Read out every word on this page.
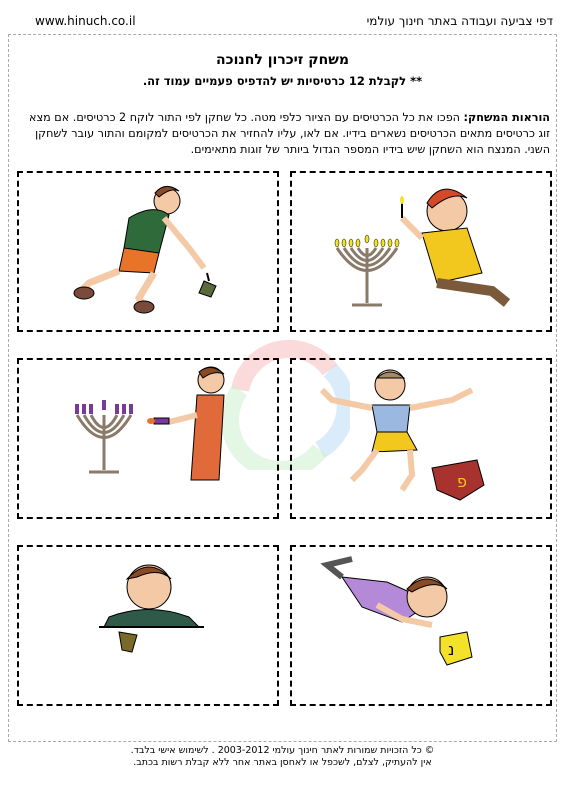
www.hinuch.co.il	דפי צביעה ועבודה באתר חינוך עולמי
משחק זיכרון לחנוכה
** לקבלת 12 כרטיסיות יש להדפיס פעמיים עמוד זה.
הוראות המשחק: הפכו את כל הכרטיסים עם הציור כלפי מטה. כל שחקן לפי התור לוקח 2 כרטיסים. אם מצא זוג כרטיסים מתאים הכרטיסים נשארים בידיו. אם לאו, עליו להחזיר את הכרטיסים למקומם והתור עובר לשחקן השני. המנצח הוא השחקן שיש בידיו המספר הגדול ביותר של זוגות מתאימים.
פ
נ
© כל הזכויות שמורות לאתר חינוך עולמי 2003-2012 . לשימוש אישי בלבד.
אין להעתיק, לצלם, לשכפל או לאחסן באתר אחר ללא קבלת רשות בכתב.
